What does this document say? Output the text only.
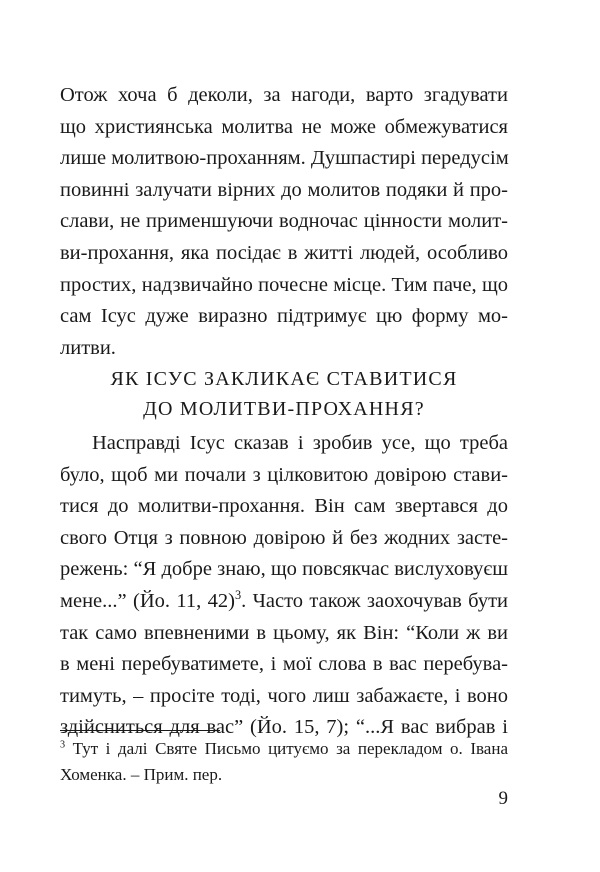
Отож хоча б деколи, за нагоди, варто згадувати
що християнська молитва не може обмежуватися
лише молитвою-проханням. Душпастирі передусім
повинні залучати вірних до молитов подяки й про-
слави, не применшуючи водночас цінности молит-
ви-прохання, яка посідає в житті людей, особливо
простих, надзвичайно почесне місце. Тим паче, що
сам Ісус дуже виразно підтримує цю форму мо-
литви.
ЯК ІСУС ЗАКЛИКАЄ СТАВИТИСЯ
ДО МОЛИТВИ-ПРОХАННЯ?
Насправді Ісус сказав і зробив усе, що треба
було, щоб ми почали з цілковитою довірою стави-
тися до молитви-прохання. Він сам звертався до
свого Отця з повною довірою й без жодних засте-
режень: “Я добре знаю, що повсякчас вислуховуєш
мене...” (Йо. 11, 42)$^3$. Часто також заохочував бути
так само впевненими в цьому, як Він: “Коли ж ви
в мені перебуватимете, і мої слова в вас перебува-
тимуть, – просіте тоді, чого лиш забажаєте, і воно
здійсниться для вас” (Йо. 15, 7); “...Я вас вибрав і
$^3$ Тут і далі Святе Письмо цитуємо за перекладом о. Івана
Хоменка. – Прим. пер.
9
